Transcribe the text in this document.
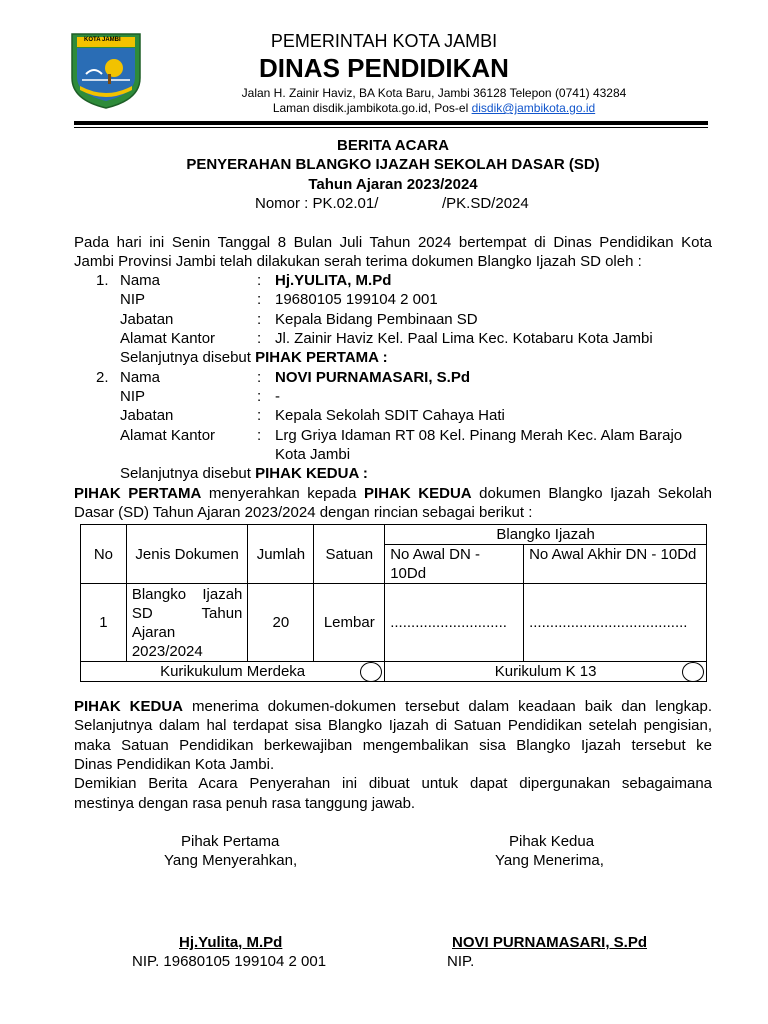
KOTA JAMBI	PEMERINTAH KOTA JAMBI
DINAS PENDIDIKAN
Jalan H. Zainir Haviz, BA Kota Baru, Jambi 36128 Telepon (0741) 43284
Laman disdik.jambikota.go.id, Pos-el disdik@jambikota.go.id
BERITA ACARA
PENYERAHAN BLANGKO IJAZAH SEKOLAH DASAR (SD)
Tahun Ajaran 2023/2024
Nomor : PK.02.01/	/PK.SD/2024
Pada hari ini Senin Tanggal 8 Bulan Juli Tahun 2024 bertempat di Dinas Pendidikan Kota
Jambi Provinsi Jambi telah dilakukan serah terima dokumen Blangko Ijazah SD oleh :
1. Nama	: Hj.YULITA, M.Pd
NIP	: 19680105 199104 2 001
Jabatan	: Kepala Bidang Pembinaan SD
Alamat Kantor	: Jl. Zainir Haviz Kel. Paal Lima Kec. Kotabaru Kota Jambi
Selanjutnya disebut PIHAK PERTAMA :
2. Nama	: NOVI PURNAMASARI, S.Pd
NIP	: -
Jabatan	: Kepala Sekolah SDIT Cahaya Hati
Alamat Kantor	: Lrg Griya Idaman RT 08 Kel. Pinang Merah Kec. Alam Barajo
Kota Jambi
Selanjutnya disebut PIHAK KEDUA :
PIHAK PERTAMA menyerahkan kepada PIHAK KEDUA dokumen Blangko Ijazah Sekolah
Dasar (SD) Tahun Ajaran 2023/2024 dengan rincian sebagai berikut :
No	Jenis Dokumen	Jumlah	Satuan	Blangko Ijazah	
				No Awal DN - 10Dd	No Awal Akhir DN - 10Dd
1	Blangko Ijazah SD Tahun Ajaran 2023/2024	20	Lembar	............................	......................................
Kurikukulum Merdeka				Kurikulum K 13	
PIHAK KEDUA menerima dokumen-dokumen tersebut dalam keadaan baik dan lengkap.
Selanjutnya dalam hal terdapat sisa Blangko Ijazah di Satuan Pendidikan setelah pengisian,
maka Satuan Pendidikan berkewajiban mengembalikan sisa Blangko Ijazah tersebut ke
Dinas Pendidikan Kota Jambi.
Demikian Berita Acara Penyerahan ini dibuat untuk dapat dipergunakan sebagaimana
mestinya dengan rasa penuh rasa tanggung jawab.
Pihak Pertama
Yang Menyerahkan,
Pihak Kedua
Yang Menerima,
Hj.Yulita, M.Pd
NIP. 19680105 199104 2 001
NOVI PURNAMASARI, S.Pd
NIP.
